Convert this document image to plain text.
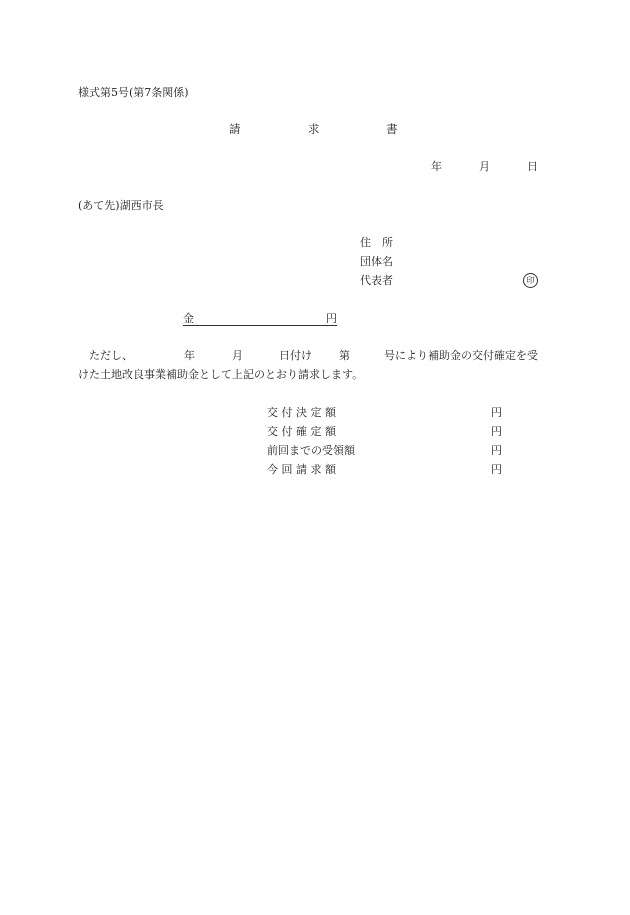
様式第5号(第7条関係)
請	求	書
年	月	日
(あて先)湖西市長
住　所
団体名
代表者	印
金	円
ただし、	年	月	日付け 第	号により補助金の交付確定を受
けた土地改良事業補助金として上記のとおり請求します。
交 付 決 定 額	円
交 付 確 定 額	円
前回までの受領額	円
今 回 請 求 額	円
